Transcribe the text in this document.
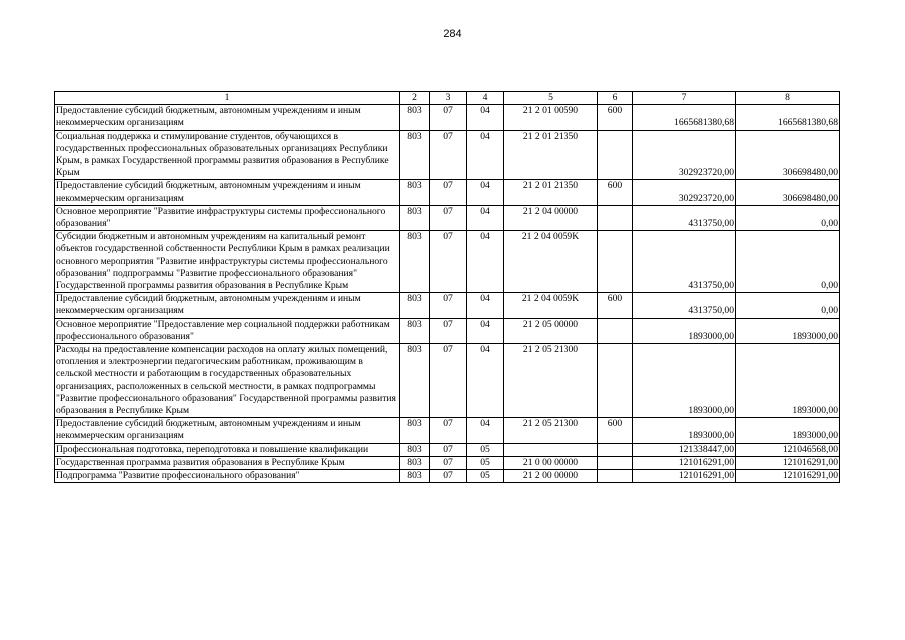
284
1	2	3	4	5	6	7	8
Предоставление субсидий бюджетным, автономным учреждениям и иным некоммерческим организациям	803	07	04	21 2 01 00590	600	1665681380,68	1665681380,68
Социальная поддержка и стимулирование студентов, обучающихся в государственных профессиональных образовательных организациях Республики Крым, в рамках Государственной программы развития образования в Республике Крым	803	07	04	21 2 01 21350		302923720,00	306698480,00
Предоставление субсидий бюджетным, автономным учреждениям и иным некоммерческим организациям	803	07	04	21 2 01 21350	600	302923720,00	306698480,00
Основное мероприятие "Развитие инфраструктуры системы профессионального образования"	803	07	04	21 2 04 00000		4313750,00	0,00
Субсидии бюджетным и автономным учреждениям на капитальный ремонт объектов государственной собственности Республики Крым в рамках реализации основного мероприятия "Развитие инфраструктуры системы профессионального образования" подпрограммы "Развитие профессионального образования" Государственной программы развития образования в Республике Крым	803	07	04	21 2 04 0059K		4313750,00	0,00
Предоставление субсидий бюджетным, автономным учреждениям и иным некоммерческим организациям	803	07	04	21 2 04 0059K	600	4313750,00	0,00
Основное мероприятие "Предоставление мер социальной поддержки работникам профессионального образования"	803	07	04	21 2 05 00000		1893000,00	1893000,00
Расходы на предоставление компенсации расходов на оплату жилых помещений, отопления и электроэнергии педагогическим работникам, проживающим в сельской местности и работающим в государственных образовательных организациях, расположенных в сельской местности, в рамках подпрограммы "Развитие профессионального образования" Государственной программы развития образования в Республике Крым	803	07	04	21 2 05 21300		1893000,00	1893000,00
Предоставление субсидий бюджетным, автономным учреждениям и иным некоммерческим организациям	803	07	04	21 2 05 21300	600	1893000,00	1893000,00
Профессиональная подготовка, переподготовка и повышение квалификации	803	07	05			121338447,00	121046568,00
Государственная программа развития образования в Республике Крым	803	07	05	21 0 00 00000		121016291,00	121016291,00
Подпрограмма "Развитие профессионального образования"	803	07	05	21 2 00 00000		121016291,00	121016291,00
